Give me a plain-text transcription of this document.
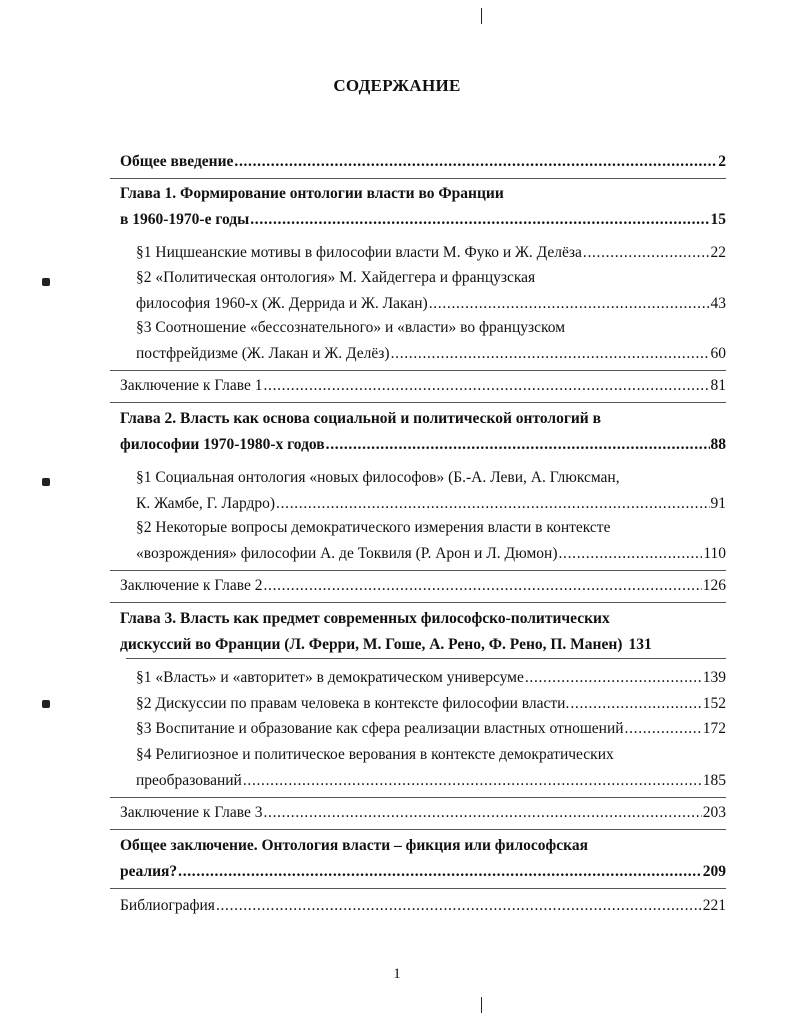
СОДЕРЖАНИЕ
Общее введение . . .	2
Глава 1. Формирование онтологии власти во Франции
в 1960-1970-е годы . . .	15
§1 Ницшеанские мотивы в философии власти М. Фуко и Ж. Делёза . . .	22
§2 «Политическая онтология» М. Хайдеггера и французская
философия 1960-х (Ж. Деррида и Ж. Лакан) . . .	43
§3 Соотношение «бессознательного» и «власти» во французском
постфрейдизме (Ж. Лакан и Ж. Делёз) . . .	60
Заключение к Главе 1 . . .	81
Глава 2. Власть как основа социальной и политической онтологий в
философии 1970-1980-х годов . . .	88
§1 Социальная онтология «новых философов» (Б.-А. Леви, А. Глюксман,
К. Жамбе, Г. Лардро) . . .	91
§2 Некоторые вопросы демократического измерения власти в контексте
«возрождения» философии А. де Токвиля (Р. Арон и Л. Дюмон) . . .	110
Заключение к Главе 2 . . .	126
Глава 3. Власть как предмет современных философско-политических
дискуссий во Франции (Л. Ферри, М. Гоше, А. Рено, Ф. Рено, П. Манен) 131
§1 «Власть» и «авторитет» в демократическом универсуме . . .	139
§2 Дискуссии по правам человека в контексте философии власти. . . .	152
§3 Воспитание и образование как сфера реализации властных отношений . . .	172
§4 Религиозное и политическое верования в контексте демократических
преобразований . . .	185
Заключение к Главе 3 . . .	203
Общее заключение. Онтология власти – фикция или философская
реалия? . . .	209
Библиография . . .	221
1
